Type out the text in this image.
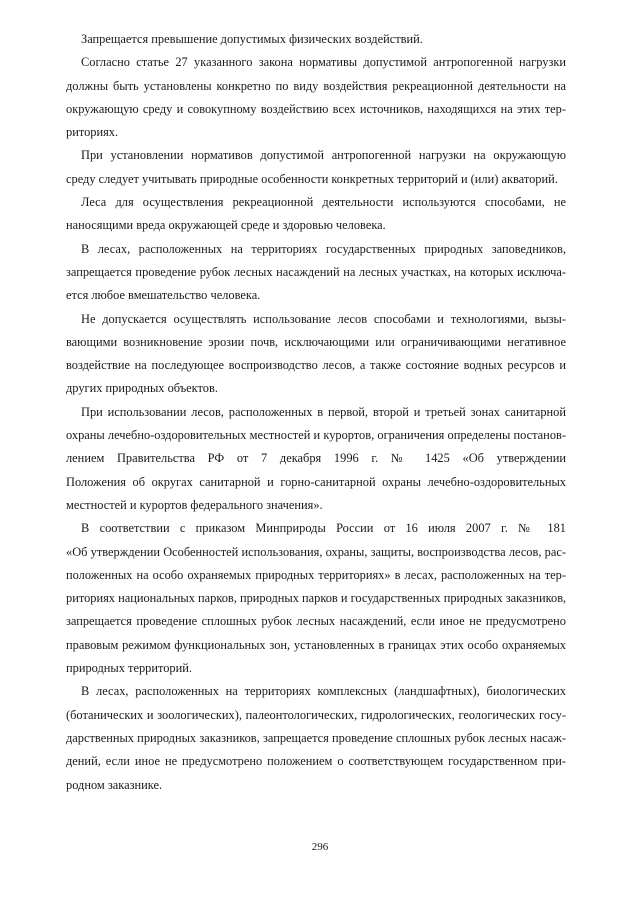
Запрещается превышение допустимых физических воздействий.
Согласно статье 27 указанного закона нормативы допустимой антропогенной нагрузки
должны быть установлены конкретно по виду воздействия рекреационной деятельности на
окружающую среду и совокупному воздействию всех источников, находящихся на этих тер-
риториях.
При установлении нормативов допустимой антропогенной нагрузки на окружающую
среду следует учитывать природные особенности конкретных территорий и (или) акваторий.
Леса для осуществления рекреационной деятельности используются способами, не
наносящими вреда окружающей среде и здоровью человека.
В лесах, расположенных на территориях государственных природных заповедников,
запрещается проведение рубок лесных насаждений на лесных участках, на которых исключа-
ется любое вмешательство человека.
Не допускается осуществлять использование лесов способами и технологиями, вызы-
вающими возникновение эрозии почв, исключающими или ограничивающими негативное
воздействие на последующее воспроизводство лесов, а также состояние водных ресурсов и
других природных объектов.
При использовании лесов, расположенных в первой, второй и третьей зонах санитарной
охраны лечебно-оздоровительных местностей и курортов, ограничения определены постанов-
лением Правительства РФ от 7 декабря 1996 г. № 1425 «Об утверждении
Положения об округах санитарной и горно-санитарной охраны лечебно-оздоровительных
местностей и курортов федерального значения».
В соответствии с приказом Минприроды России от 16 июля 2007 г. № 181
«Об утверждении Особенностей использования, охраны, защиты, воспроизводства лесов, рас-
положенных на особо охраняемых природных территориях» в лесах, расположенных на тер-
риториях национальных парков, природных парков и государственных природных заказников,
запрещается проведение сплошных рубок лесных насаждений, если иное не предусмотрено
правовым режимом функциональных зон, установленных в границах этих особо охраняемых
природных территорий.
В лесах, расположенных на территориях комплексных (ландшафтных), биологических
(ботанических и зоологических), палеонтологических, гидрологических, геологических госу-
дарственных природных заказников, запрещается проведение сплошных рубок лесных насаж-
дений, если иное не предусмотрено положением о соответствующем государственном при-
родном заказнике.
296
